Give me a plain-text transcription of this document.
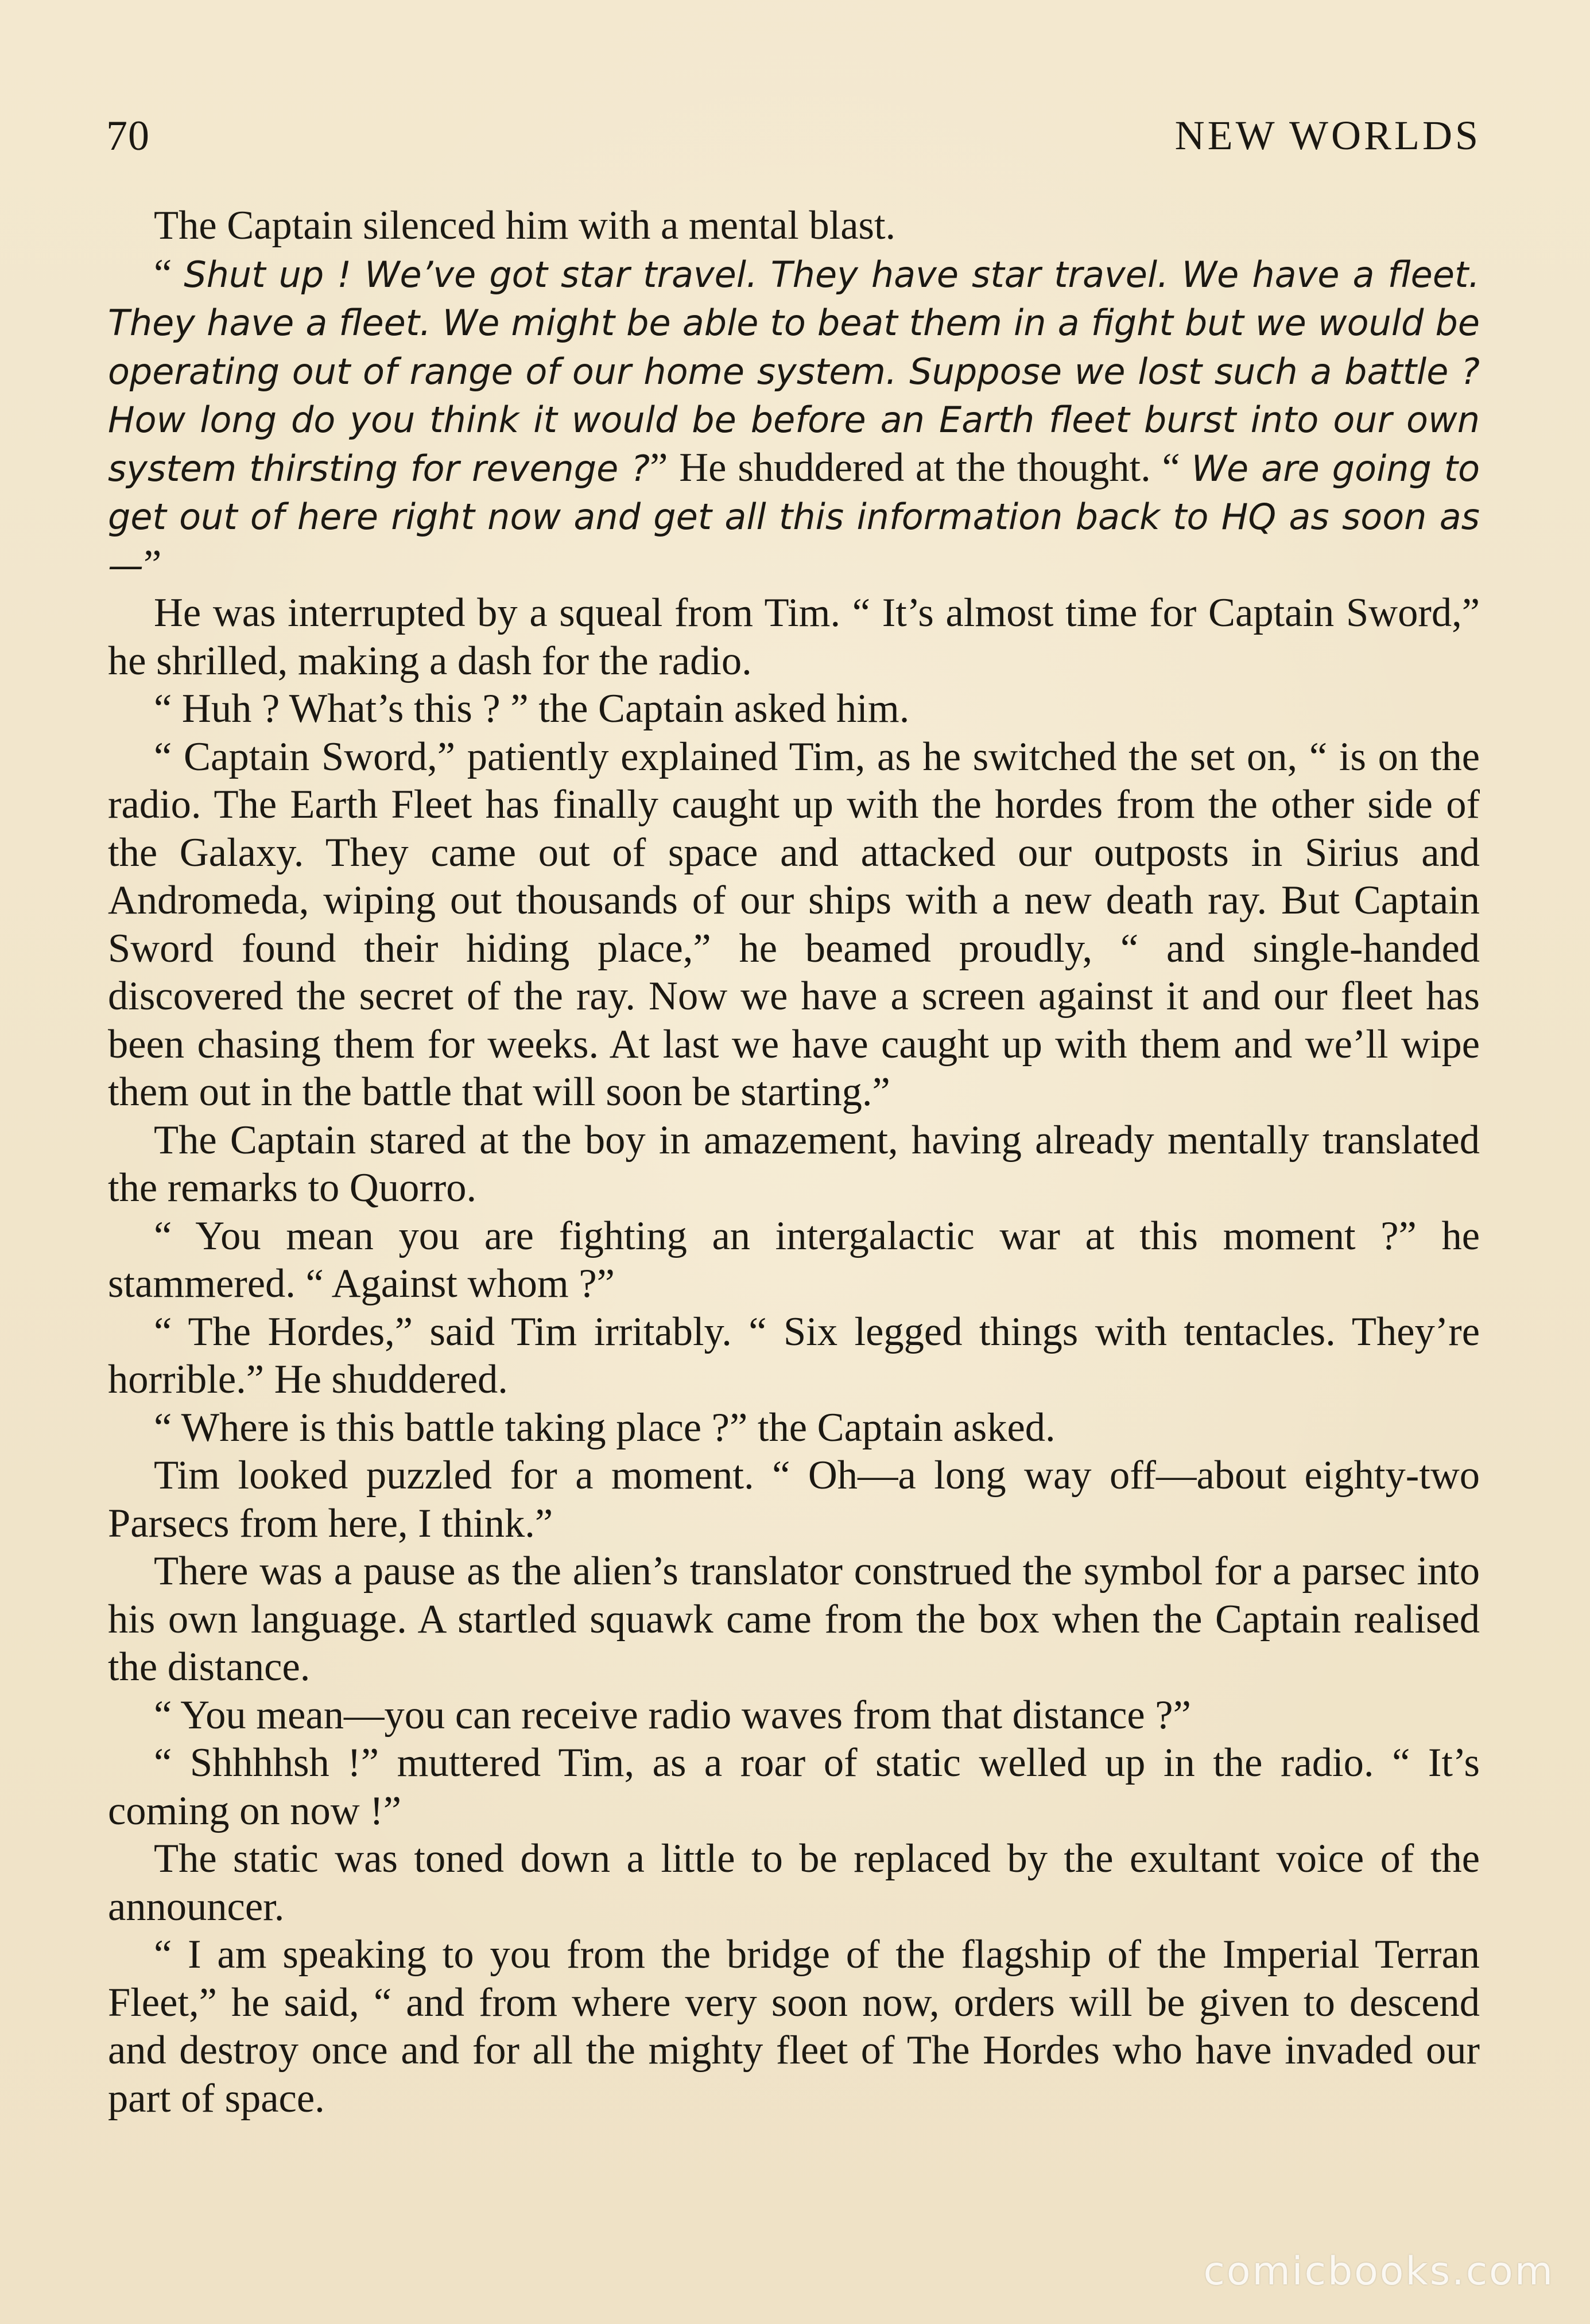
70	NEW WORLDS

The Captain silenced him with a mental blast.

“ Shut up ! We’ve got star travel. They have star travel. We have a fleet. They have a fleet. We might be able to beat them in a fight but we would be operating out of range of our home system. Suppose we lost such a battle ? How long do you think it would be before an Earth fleet burst into our own system thirsting for revenge ?” He shuddered at the thought. “ We are going to get out of here right now and get all this information back to HQ as soon as—”

He was interrupted by a squeal from Tim. “ It’s almost time for Captain Sword,” he shrilled, making a dash for the radio.

“ Huh ? What’s this ? ” the Captain asked him.

“ Captain Sword,” patiently explained Tim, as he switched the set on, “ is on the radio. The Earth Fleet has finally caught up with the hordes from the other side of the Galaxy. They came out of space and attacked our outposts in Sirius and Andromeda, wiping out thousands of our ships with a new death ray. But Captain Sword found their hiding place,” he beamed proudly, “ and single-handed discovered the secret of the ray. Now we have a screen against it and our fleet has been chasing them for weeks. At last we have caught up with them and we’ll wipe them out in the battle that will soon be starting.”

The Captain stared at the boy in amazement, having already mentally translated the remarks to Quorro.

“ You mean you are fighting an intergalactic war at this moment ?” he stammered. “ Against whom ?”

“ The Hordes,” said Tim irritably. “ Six legged things with tentacles. They’re horrible.” He shuddered.

“ Where is this battle taking place ?” the Captain asked.

Tim looked puzzled for a moment. “ Oh—a long way off—about eighty-two Parsecs from here, I think.”

There was a pause as the alien’s translator construed the symbol for a parsec into his own language. A startled squawk came from the box when the Captain realised the distance.

“ You mean—you can receive radio waves from that distance ?”

“ Shhhhsh !” muttered Tim, as a roar of static welled up in the radio. “ It’s coming on now !”

The static was toned down a little to be replaced by the exultant voice of the announcer.

“ I am speaking to you from the bridge of the flagship of the Imperial Terran Fleet,” he said, “ and from where very soon now, orders will be given to descend and destroy once and for all the mighty fleet of The Hordes who have invaded our part of space.

comicbooks.com
